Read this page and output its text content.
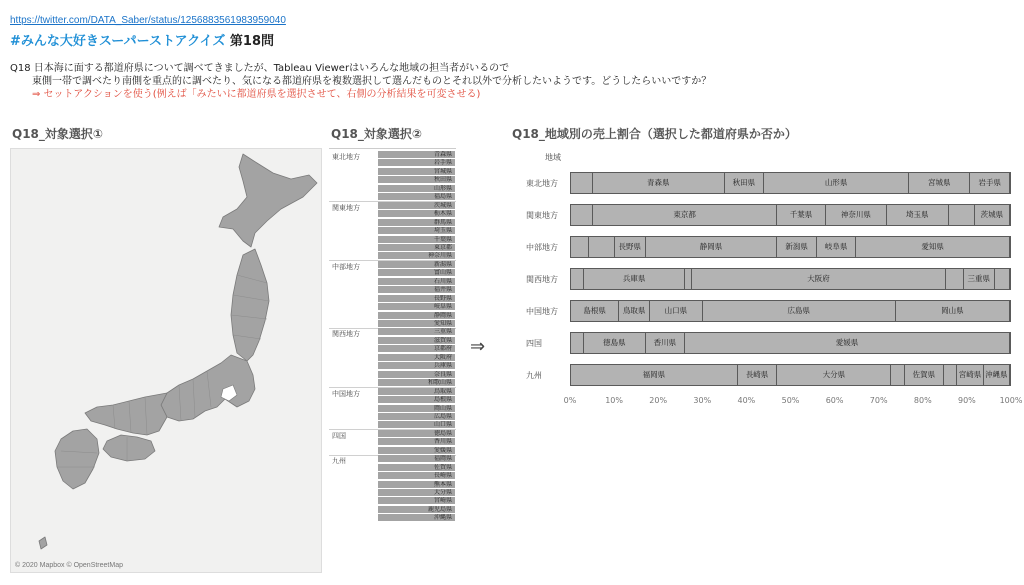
https://twitter.com/DATA_Saber/status/1256883561983959040
#みんな大好きスーパーストアクイズ 第18問
Q18 日本海に面する都道府県について調べてきましたが、Tableau Viewerはいろんな地域の担当者がいるので
東側一帯で調べたり南側を重点的に調べたり、気になる都道府県を複数選択して選んだものとそれ以外で分析したいようです。どうしたらいいですか？
⇒ セットアクションを使う(例えば「みたいに都道府県を選択させて、右側の分析結果を可変させる)
Q18_対象選択①	Q18_対象選択②	Q18_地域別の売上割合（選択した都道府県か否か）
© 2020 Mapbox © OpenStreetMap
東北地方	青森県
岩手県
宮城県
秋田県
山形県
福島県
関東地方	茨城県
栃木県
群馬県
埼玉県
千葉県
東京都
神奈川県
中部地方	新潟県
富山県
石川県
福井県
長野県
岐阜県
静岡県
愛知県
関西地方	三重県
滋賀県
京都府
大阪府
兵庫県
奈良県
和歌山県
中国地方	鳥取県
島根県
岡山県
広島県
山口県
四国	徳島県
香川県
愛媛県
九州	福岡県
佐賀県
長崎県
熊本県
大分県
宮崎県
鹿児島県
沖縄県
⇒
地域
東北地方	青森県	秋田県	山形県	宮城県	岩手県
関東地方	東京都	千葉県	神奈川県	埼玉県	茨城県
中部地方	長野県	静岡県	新潟県	岐阜県	愛知県
関西地方	兵庫県	大阪府	三重県
中国地方	島根県	鳥取県	山口県	広島県	岡山県
四国	徳島県	香川県	愛媛県
九州	福岡県	長崎県	大分県	佐賀県	宮崎県 沖縄県
0%	10%	20%	30%	40%	50%	60%	70%	80%	90%	100%
